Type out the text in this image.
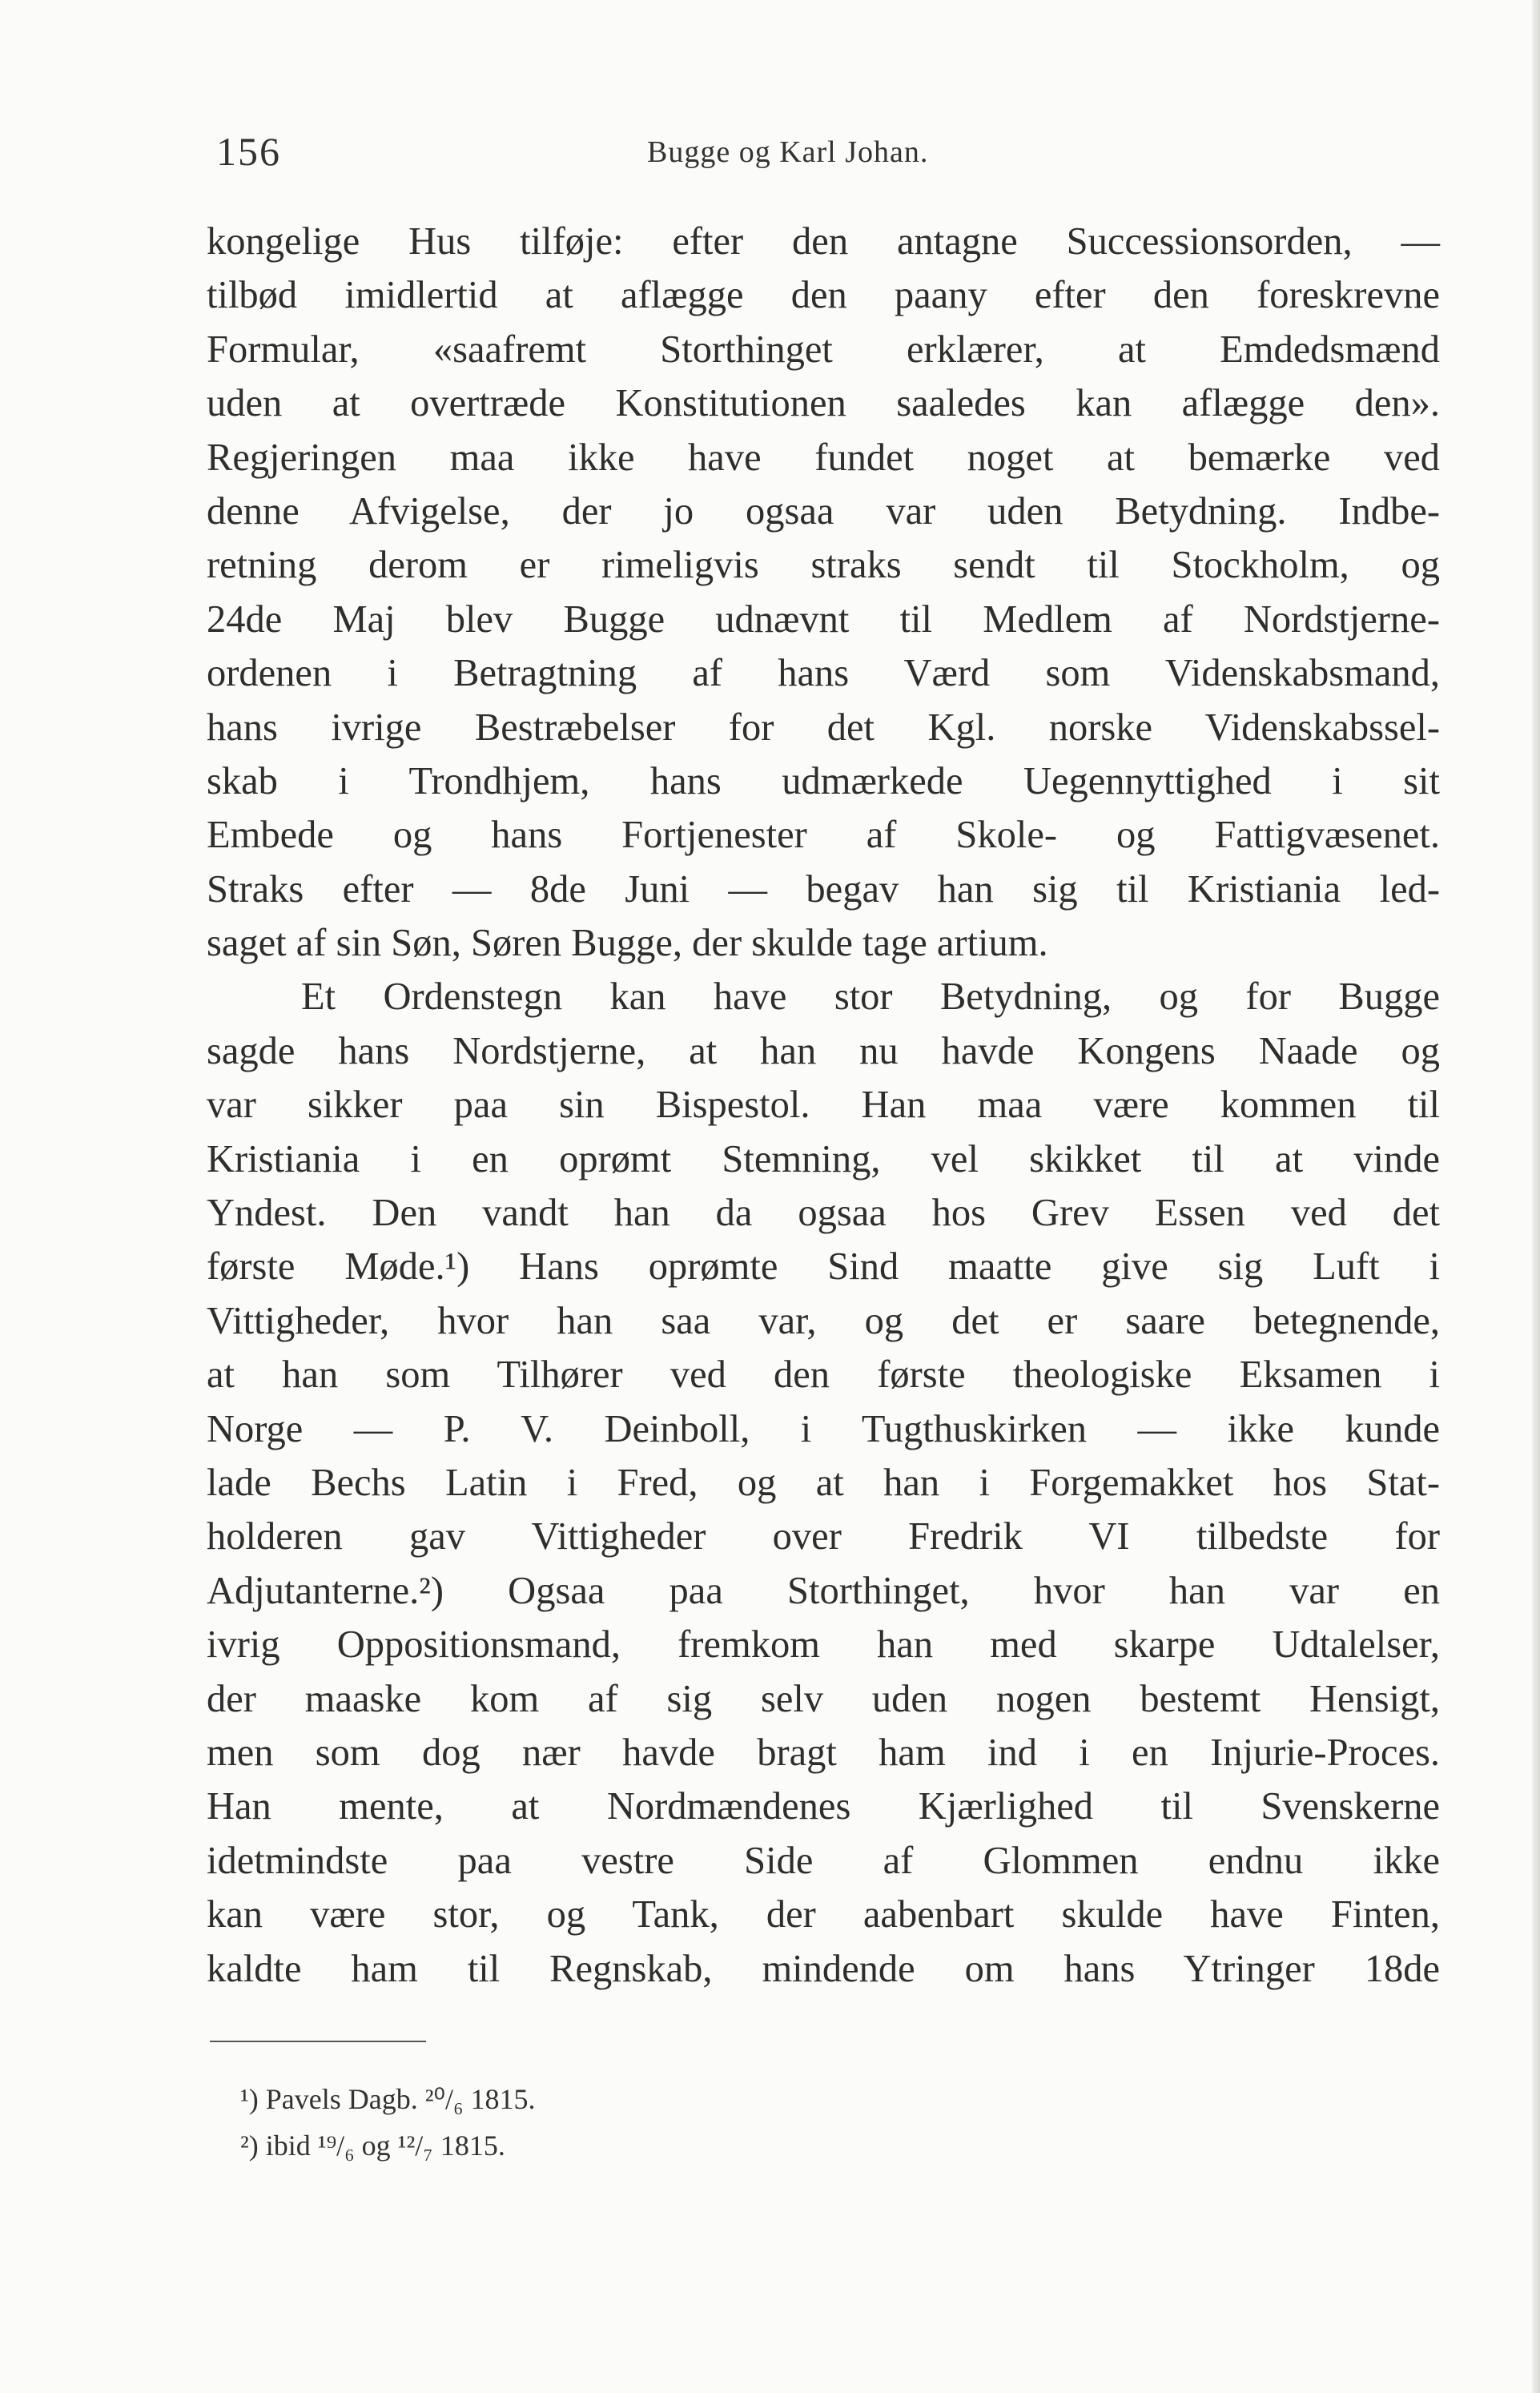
156	Bugge og Karl Johan.
kongelige Hus tilføje: efter den antagne Successionsorden, —
tilbød imidlertid at aflægge den paany efter den foreskrevne
Formular, «saafremt Storthinget erklærer, at Emdedsmænd
uden at overtræde Konstitutionen saaledes kan aflægge den».
Regjeringen maa ikke have fundet noget at bemærke ved
denne Afvigelse, der jo ogsaa var uden Betydning. Indbe-
retning derom er rimeligvis straks sendt til Stockholm, og
24de Maj blev Bugge udnævnt til Medlem af Nordstjerne-
ordenen i Betragtning af hans Værd som Videnskabsmand,
hans ivrige Bestræbelser for det Kgl. norske Videnskabssel-
skab i Trondhjem, hans udmærkede Uegennyttighed i sit
Embede og hans Fortjenester af Skole- og Fattigvæsenet.
Straks efter — 8de Juni — begav han sig til Kristiania led-
saget af sin Søn, Søren Bugge, der skulde tage artium.
Et Ordenstegn kan have stor Betydning, og for Bugge
sagde hans Nordstjerne, at han nu havde Kongens Naade og
var sikker paa sin Bispestol. Han maa være kommen til
Kristiania i en oprømt Stemning, vel skikket til at vinde
Yndest. Den vandt han da ogsaa hos Grev Essen ved det
første Møde.¹) Hans oprømte Sind maatte give sig Luft i
Vittigheder, hvor han saa var, og det er saare betegnende,
at han som Tilhører ved den første theologiske Eksamen i
Norge — P. V. Deinboll, i Tugthuskirken — ikke kunde
lade Bechs Latin i Fred, og at han i Forgemakket hos Stat-
holderen gav Vittigheder over Fredrik VI tilbedste for
Adjutanterne.²) Ogsaa paa Storthinget, hvor han var en
ivrig Oppositionsmand, fremkom han med skarpe Udtalelser,
der maaske kom af sig selv uden nogen bestemt Hensigt,
men som dog nær havde bragt ham ind i en Injurie-Proces.
Han mente, at Nordmændenes Kjærlighed til Svenskerne
idetmindste paa vestre Side af Glommen endnu ikke
kan være stor, og Tank, der aabenbart skulde have Finten,
kaldte ham til Regnskab, mindende om hans Ytringer 18de
¹) Pavels Dagb. ²⁰/₆ 1815.
²) ibid ¹⁹/₆ og ¹²/₇ 1815.
